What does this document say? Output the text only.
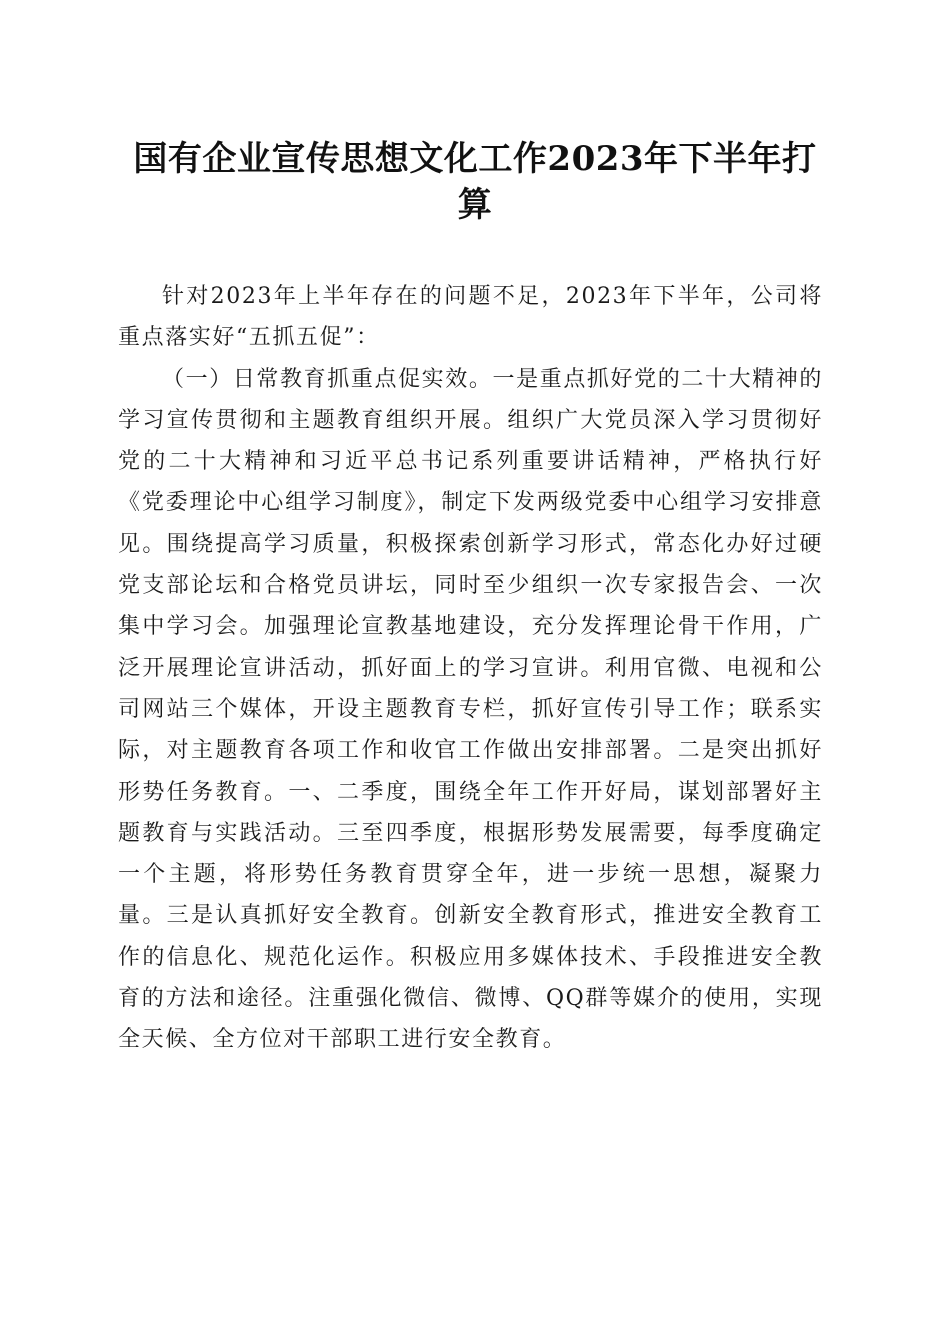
国有企业宣传思想文化工作2023年下半年打算

针对2023年上半年存在的问题不足，2023年下半年，公司将重点落实好“五抓五促”：

（一）日常教育抓重点促实效。一是重点抓好党的二十大精神的学习宣传贯彻和主题教育组织开展。组织广大党员深入学习贯彻好党的二十大精神和习近平总书记系列重要讲话精神，严格执行好《党委理论中心组学习制度》，制定下发两级党委中心组学习安排意见。围绕提高学习质量，积极探索创新学习形式，常态化办好过硬党支部论坛和合格党员讲坛，同时至少组织一次专家报告会、一次集中学习会。加强理论宣教基地建设，充分发挥理论骨干作用，广泛开展理论宣讲活动，抓好面上的学习宣讲。利用官微、电视和公司网站三个媒体，开设主题教育专栏，抓好宣传引导工作；联系实际，对主题教育各项工作和收官工作做出安排部署。二是突出抓好形势任务教育。一、二季度，围绕全年工作开好局，谋划部署好主题教育与实践活动。三至四季度，根据形势发展需要，每季度确定一个主题，将形势任务教育贯穿全年，进一步统一思想，凝聚力量。三是认真抓好安全教育。创新安全教育形式，推进安全教育工作的信息化、规范化运作。积极应用多媒体技术、手段推进安全教育的方法和途径。注重强化微信、微博、QQ群等媒介的使用，实现全天候、全方位对干部职工进行安全教育。
